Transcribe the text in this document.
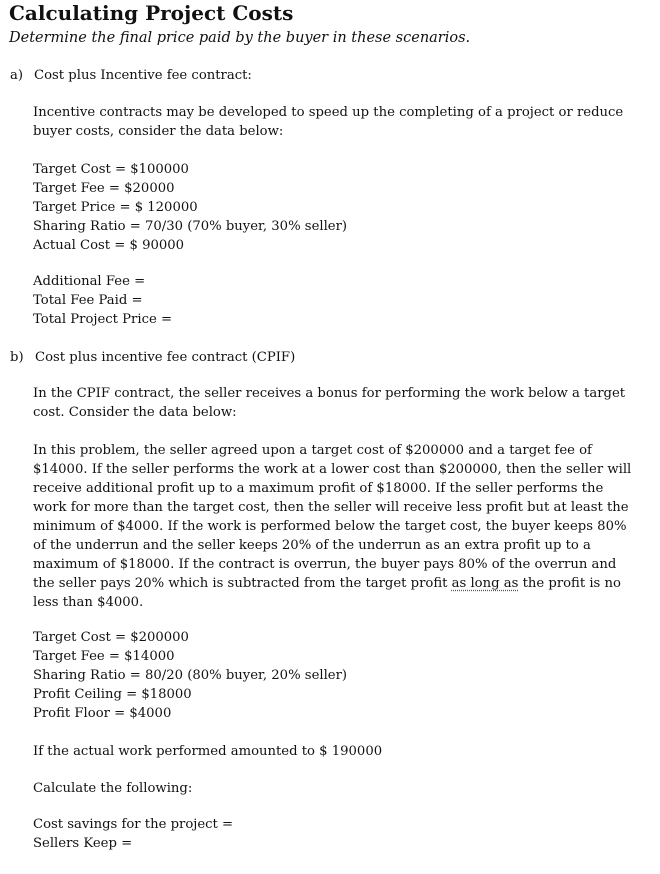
Calculating Project Costs
Determine the final price paid by the buyer in these scenarios.
a) Cost plus Incentive fee contract:
Incentive contracts may be developed to speed up the completing of a project or reduce buyer costs, consider the data below:
Target Cost = $100000
Target Fee = $20000
Target Price = $ 120000
Sharing Ratio = 70/30 (70% buyer, 30% seller)
Actual Cost = $ 90000
Additional Fee =
Total Fee Paid =
Total Project Price =
b) Cost plus incentive fee contract (CPIF)
In the CPIF contract, the seller receives a bonus for performing the work below a target cost. Consider the data below:
In this problem, the seller agreed upon a target cost of $200000 and a target fee of $14000. If the seller performs the work at a lower cost than $200000, then the seller will receive additional profit up to a maximum profit of $18000. If the seller performs the work for more than the target cost, then the seller will receive less profit but at least the minimum of $4000. If the work is performed below the target cost, the buyer keeps 80% of the underrun and the seller keeps 20% of the underrun as an extra profit up to a maximum of $18000. If the contract is overrun, the buyer pays 80% of the overrun and the seller pays 20% which is subtracted from the target profit as long as the profit is no less than $4000.
Target Cost = $200000
Target Fee = $14000
Sharing Ratio = 80/20 (80% buyer, 20% seller)
Profit Ceiling = $18000
Profit Floor = $4000
If the actual work performed amounted to $ 190000
Calculate the following:
Cost savings for the project =
Sellers Keep =
